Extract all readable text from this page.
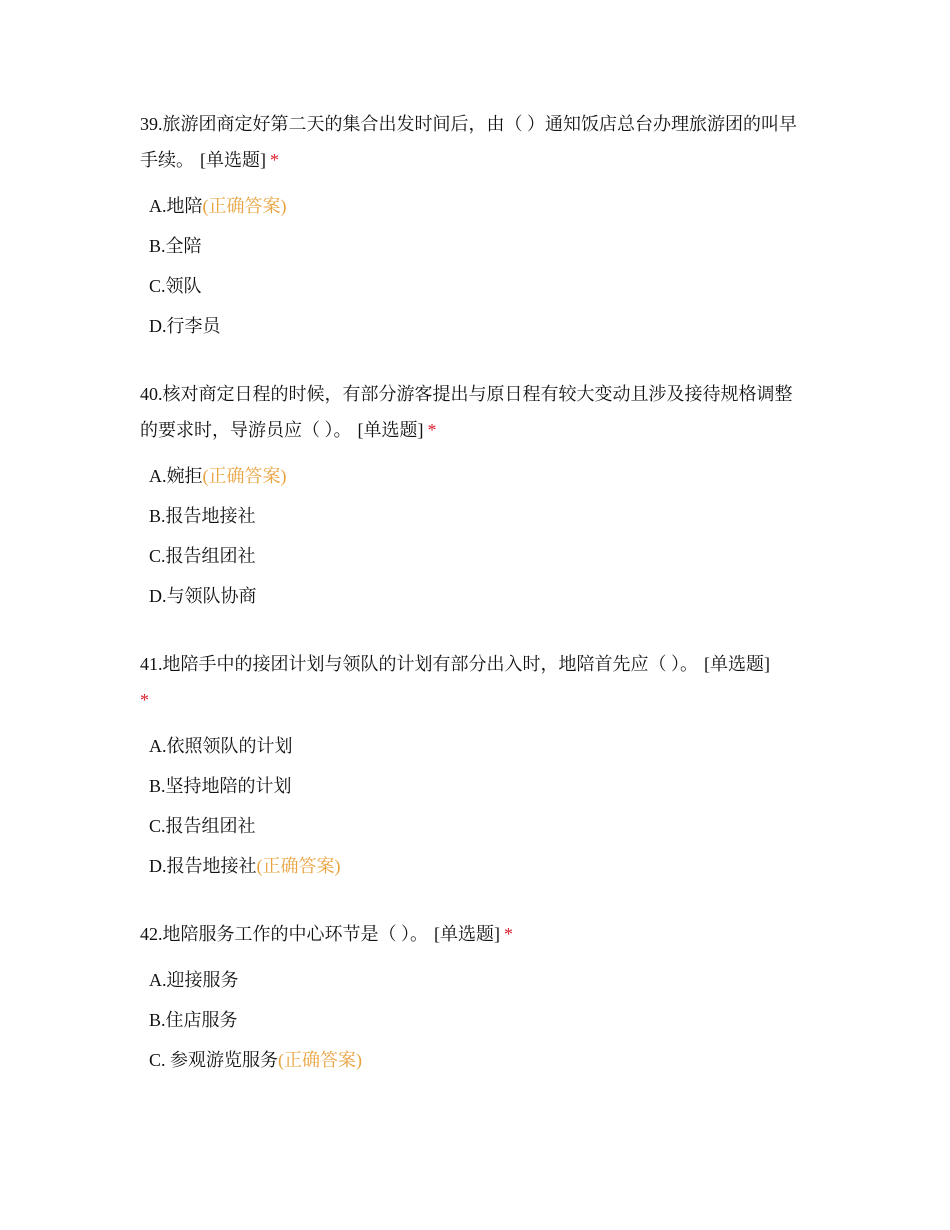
39.旅游团商定好第二天的集合出发时间后，由（ ）通知饭店总台办理旅游团的叫早手续。 [单选题] *
A.地陪(正确答案)
B.全陪
C.领队
D.行李员
40.核对商定日程的时候，有部分游客提出与原日程有较大变动且涉及接待规格调整的要求时，导游员应（ ）。 [单选题] *
A.婉拒(正确答案)
B.报告地接社
C.报告组团社
D.与领队协商
41.地陪手中的接团计划与领队的计划有部分出入时，地陪首先应（ ）。 [单选题]
*
A.依照领队的计划
B.坚持地陪的计划
C.报告组团社
D.报告地接社(正确答案)
42.地陪服务工作的中心环节是（ ）。 [单选题] *
A.迎接服务
B.住店服务
C. 参观游览服务(正确答案)
